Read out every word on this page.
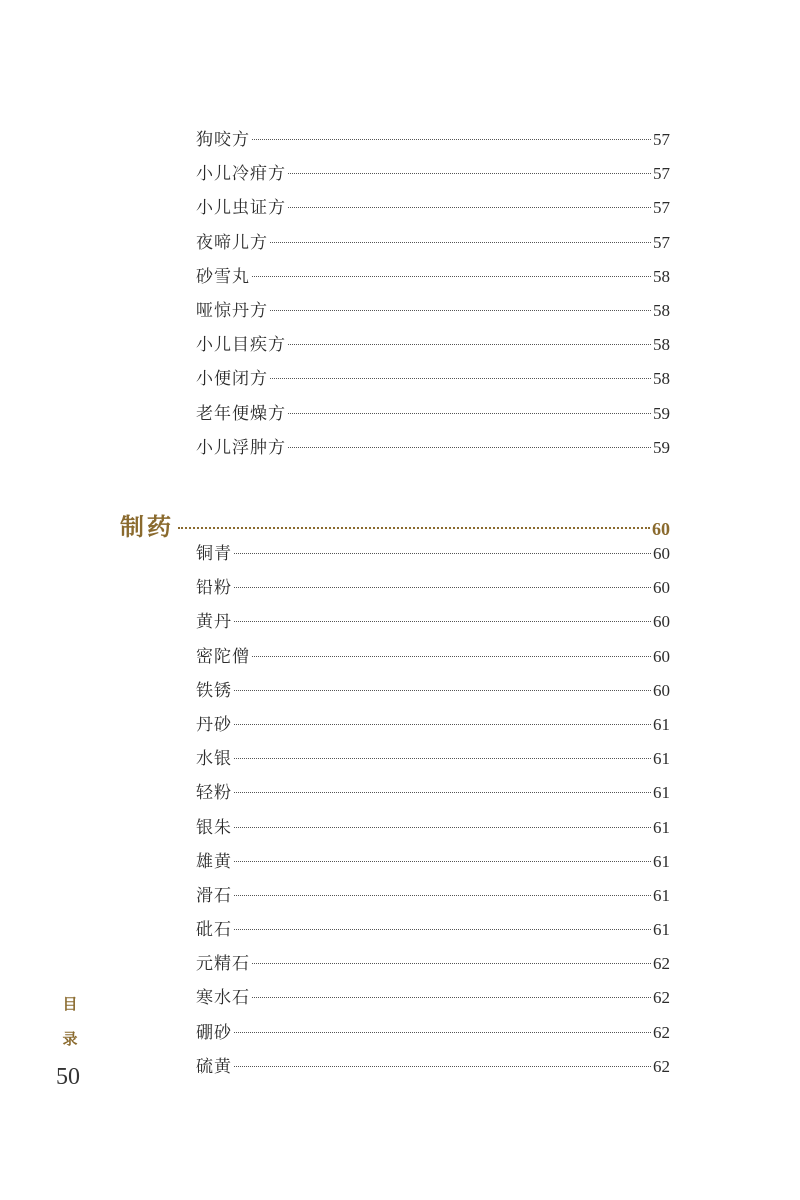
狗咬方	57
小儿冷疳方	57
小儿虫证方	57
夜啼儿方	57
砂雪丸	58
哑惊丹方	58
小儿目疾方	58
小便闭方	58
老年便燥方	59
小儿浮肿方	59
制药	60
铜青	60
铅粉	60
黄丹	60
密陀僧	60
铁锈	60
丹砂	61
水银	61
轻粉	61
银朱	61
雄黄	61
滑石	61
砒石	61
元精石	62
寒水石	62
硼砂	62
硫黄	62
目
录
50
